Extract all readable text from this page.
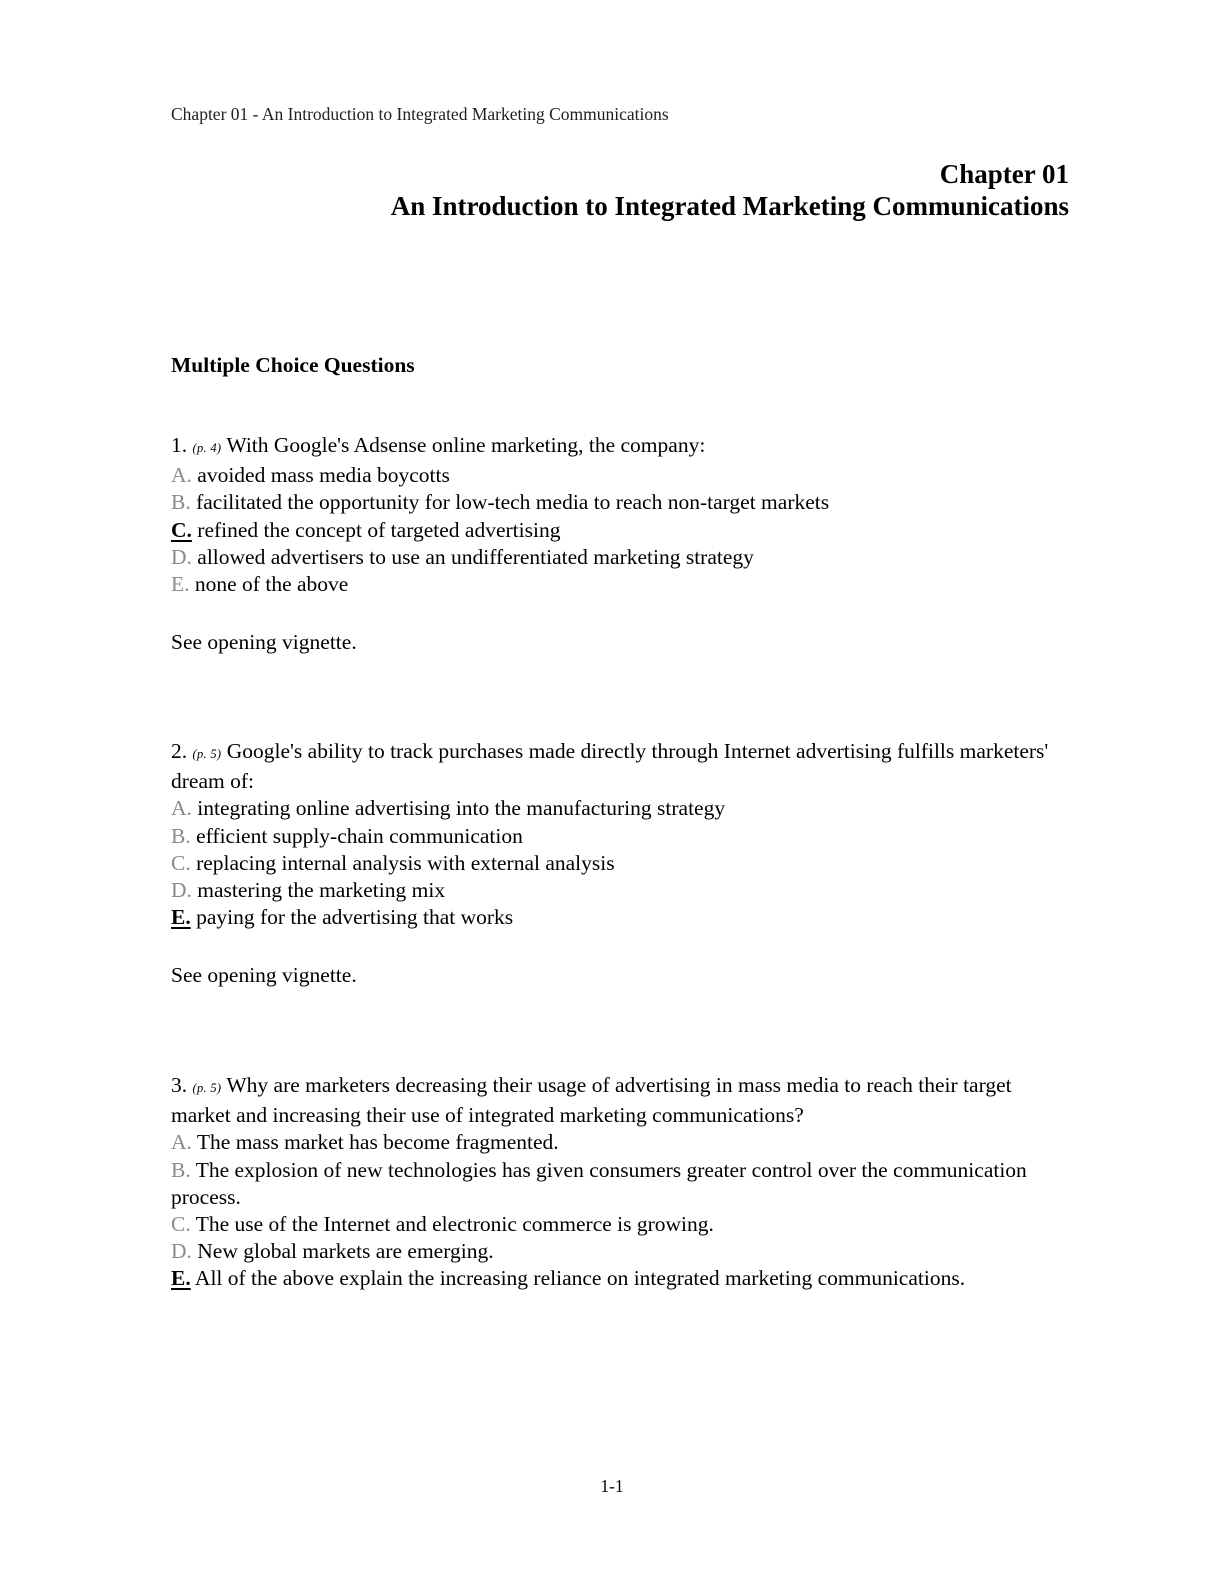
Chapter 01 - An Introduction to Integrated Marketing Communications
Chapter 01
An Introduction to Integrated Marketing Communications
Multiple Choice Questions

1. (p. 4) With Google's Adsense online marketing, the company:

A. avoided mass media boycotts

B. facilitated the opportunity for low-tech media to reach non-target markets

C. refined the concept of targeted advertising

D. allowed advertisers to use an undifferentiated marketing strategy

E. none of the above

See opening vignette.

2. (p. 5) Google's ability to track purchases made directly through Internet advertising fulfills marketers' dream of:

A. integrating online advertising into the manufacturing strategy

B. efficient supply-chain communication

C. replacing internal analysis with external analysis

D. mastering the marketing mix

E. paying for the advertising that works

See opening vignette.

3. (p. 5) Why are marketers decreasing their usage of advertising in mass media to reach their target market and increasing their use of integrated marketing communications?

A. The mass market has become fragmented.

B. The explosion of new technologies has given consumers greater control over the communication process.

C. The use of the Internet and electronic commerce is growing.

D. New global markets are emerging.

E. All of the above explain the increasing reliance on integrated marketing communications.

1-1
